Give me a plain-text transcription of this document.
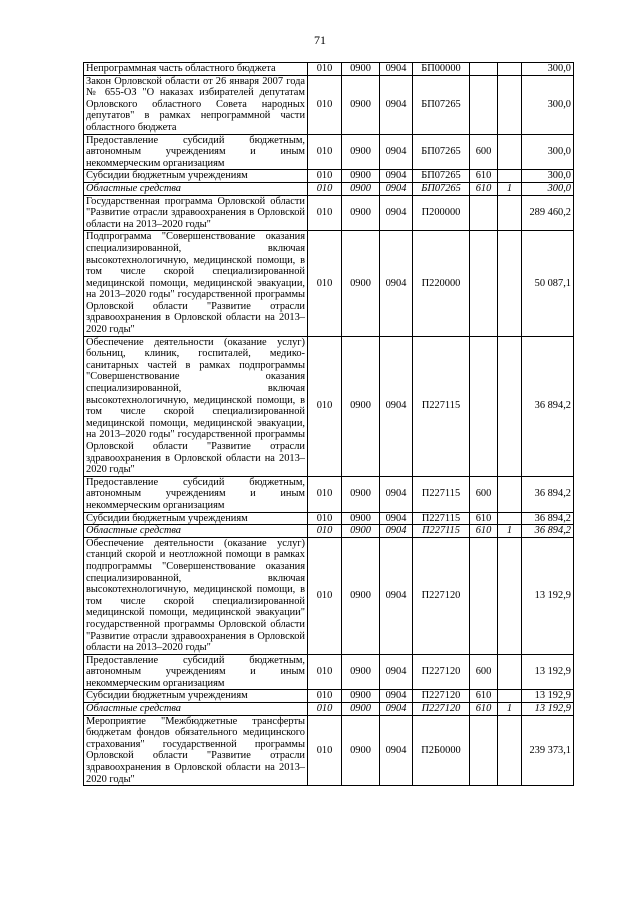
71
Непрограммная часть областного бюджета	010	0900	0904	БП00000			300,0
Закон Орловской области от 26 января 2007 года № 655-ОЗ "О наказах избирателей депутатам Орловского областного Совета народных депутатов" в рамках непрограммной части областного бюджета	010	0900	0904	БП07265			300,0
Предоставление субсидий бюджетным, автономным учреждениям и иным некоммерческим организациям	010	0900	0904	БП07265	600		300,0
Субсидии бюджетным учреждениям	010	0900	0904	БП07265	610		300,0
Областные средства	010	0900	0904	БП07265	610	1	300,0
Государственная программа Орловской области "Развитие отрасли здравоохранения в Орловской области на 2013–2020 годы"	010	0900	0904	П200000			289 460,2
Подпрограмма "Совершенствование оказания специализированной, включая высокотехнологичную, медицинской помощи, в том числе скорой специализированной медицинской помощи, медицинской эвакуации, на 2013–2020 годы" государственной программы Орловской области "Развитие отрасли здравоохранения в Орловской области на 2013–2020 годы"	010	0900	0904	П220000			50 087,1
Обеспечение деятельности (оказание услуг) больниц, клиник, госпиталей, медико-санитарных частей в рамках подпрограммы "Совершенствование оказания специализированной, включая высокотехнологичную, медицинской помощи, в том числе скорой специализированной медицинской помощи, медицинской эвакуации, на 2013–2020 годы" государственной программы Орловской области "Развитие отрасли здравоохранения в Орловской области на 2013–2020 годы"	010	0900	0904	П227115			36 894,2
Предоставление субсидий бюджетным, автономным учреждениям и иным некоммерческим организациям	010	0900	0904	П227115	600		36 894,2
Субсидии бюджетным учреждениям	010	0900	0904	П227115	610		36 894,2
Областные средства	010	0900	0904	П227115	610	1	36 894,2
Обеспечение деятельности (оказание услуг) станций скорой и неотложной помощи в рамках подпрограммы "Совершенствование оказания специализированной, включая высокотехнологичную, медицинской помощи, в том числе скорой специализированной медицинской помощи, медицинской эвакуации" государственной программы Орловской области "Развитие отрасли здравоохранения в Орловской области на 2013–2020 годы"	010	0900	0904	П227120			13 192,9
Предоставление субсидий бюджетным, автономным учреждениям и иным некоммерческим организациям	010	0900	0904	П227120	600		13 192,9
Субсидии бюджетным учреждениям	010	0900	0904	П227120	610		13 192,9
Областные средства	010	0900	0904	П227120	610	1	13 192,9
Мероприятие "Межбюджетные трансферты бюджетам фондов обязательного медицинского страхования" государственной программы Орловской области "Развитие отрасли здравоохранения в Орловской области на 2013–2020 годы"	010	0900	0904	П2Б0000			239 373,1
